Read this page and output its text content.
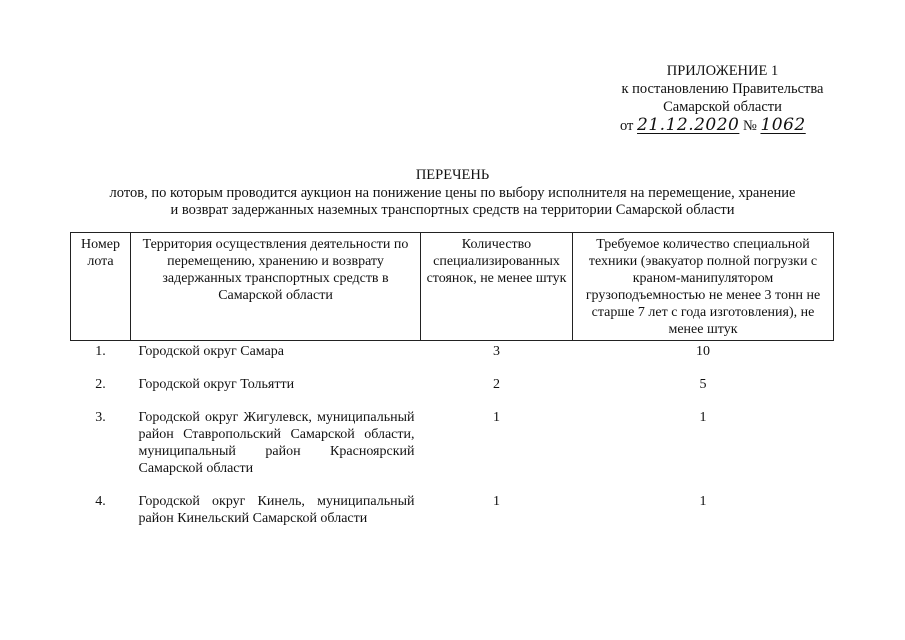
ПРИЛОЖЕНИЕ 1
к постановлению Правительства
Самарской области
от 21.12.2020 № 1062
ПЕРЕЧЕНЬ
лотов, по которым проводится аукцион на понижение цены по выбору исполнителя на перемещение, хранение
и возврат задержанных наземных транспортных средств на территории Самарской области
Номер лота	Территория осуществления деятельности по перемещению, хранению и возврату задержанных транспортных средств в Самарской области	Количество специализированных стоянок, не менее штук	Требуемое количество специальной техники (эвакуатор полной погрузки с краном-манипулятором грузоподъемностью не менее 3 тонн не старше 7 лет с года изготовления), не менее штук
1.	Городской округ Самара	3	10
2.	Городской округ Тольятти	2	5
3.	Городской округ Жигулевск, муниципальный район Ставропольский Самарской области, муниципальный район Красноярский Самарской области	1	1
4.	Городской округ Кинель, муниципальный район Кинельский Самарской области	1	1
